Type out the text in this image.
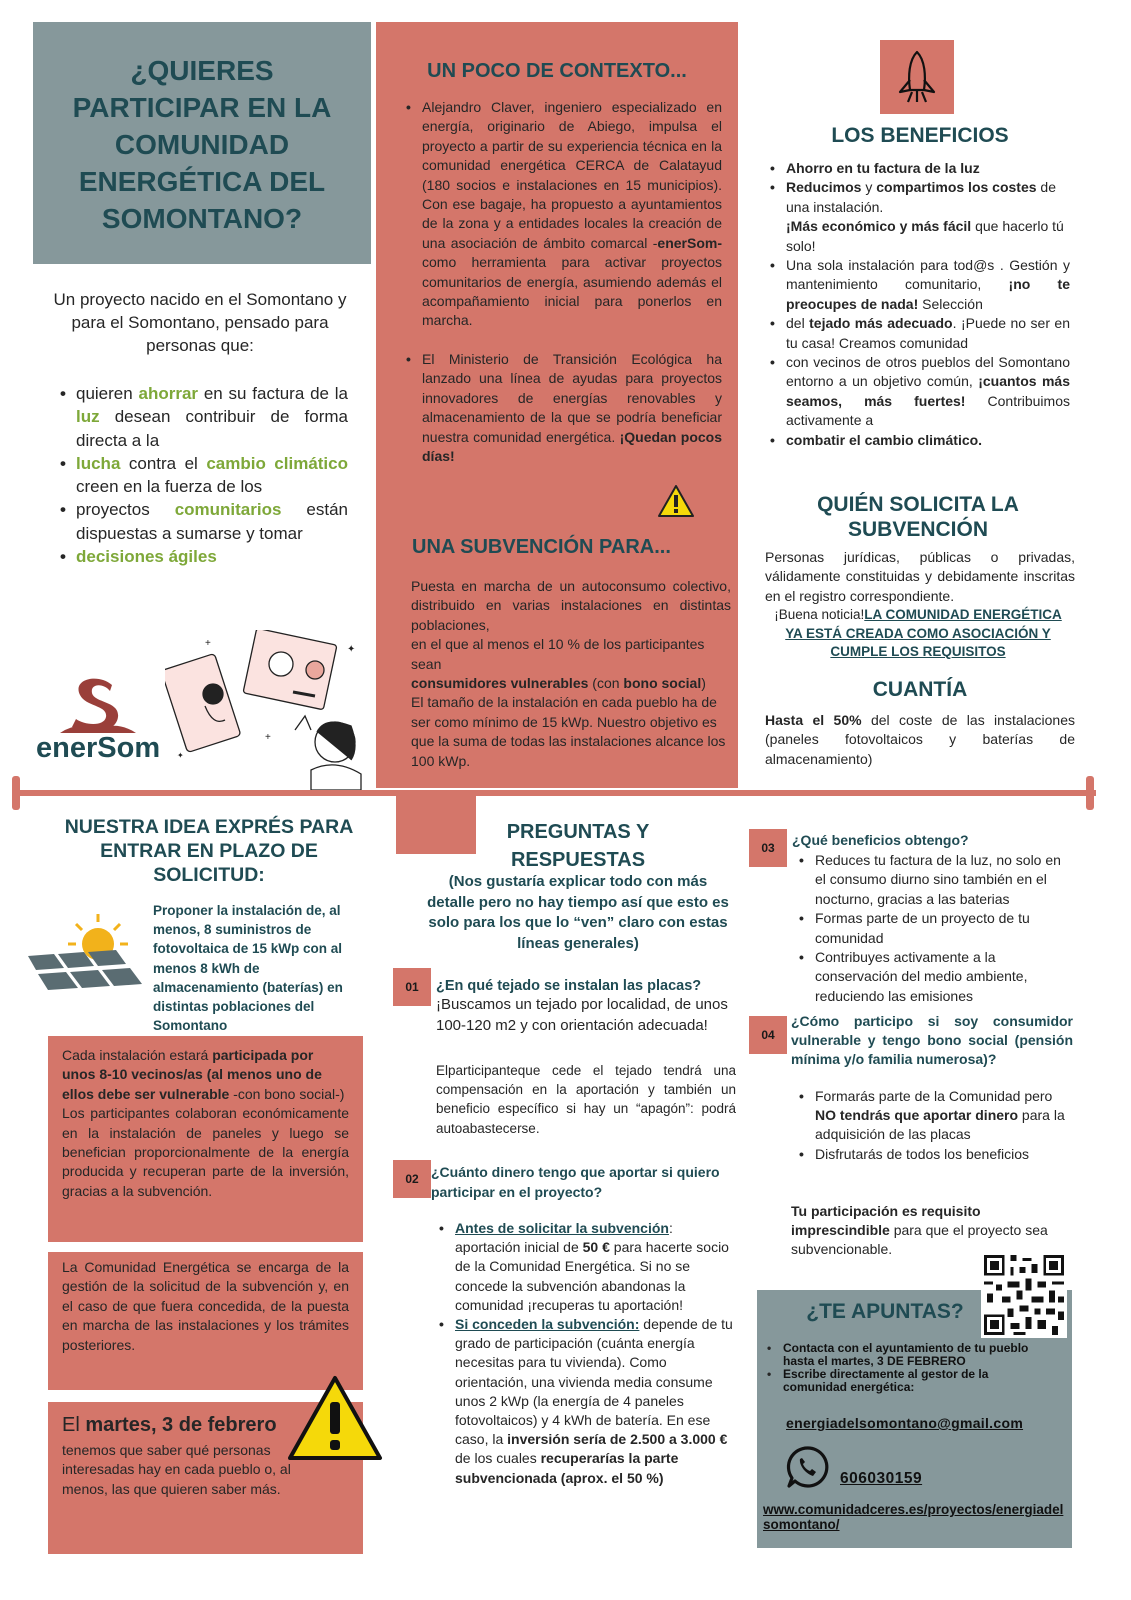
¿QUIERES PARTICIPAR EN LA COMUNIDAD ENERGÉTICA DEL SOMONTANO?

Un proyecto nacido en el Somontano y para el Somontano, pensado para personas que:

• quieren ahorrar en su factura de la luz desean contribuir de forma directa a la
• lucha contra el cambio climático creen en la fuerza de los
• proyectos comunitarios están dispuestas a sumarse y tomar
• decisiones ágiles
enerSom
+
✦
+
✦
UN POCO DE CONTEXTO...
• Alejandro Claver, ingeniero especializado en energía, originario de Abiego, impulsa el proyecto a partir de su experiencia técnica en la comunidad energética CERCA de Calatayud (180 socios e instalaciones en 15 municipios). Con ese bagaje, ha propuesto a ayuntamientos de la zona y a entidades locales la creación de una asociación de ámbito comarcal -enerSom- como herramienta para activar proyectos comunitarios de energía, asumiendo además el acompañamiento inicial para ponerlos en marcha.
• El Ministerio de Transición Ecológica ha lanzado una línea de ayudas para proyectos innovadores de energías renovables y almacenamiento de la que se podría beneficiar nuestra comunidad energética. ¡Quedan pocos días!
UNA SUBVENCIÓN PARA...

Puesta en marcha de un autoconsumo colectivo, distribuido en varias instalaciones en distintas poblaciones,

en el que al menos el 10 % de los participantes sean

consumidores vulnerables (con bono social)

El tamaño de la instalación en cada pueblo ha de ser como mínimo de 15 kWp. Nuestro objetivo es que la suma de todas las instalaciones alcance los 100 kWp.

LOS BENEFICIOS
• Ahorro en tu factura de la luz
• Reducimos y compartimos los costes de una instalación.
¡Más económico y más fácil que hacerlo tú solo!
• Una sola instalación para tod@s . Gestión y mantenimiento comunitario, ¡no te preocupes de nada! Selección
• del tejado más adecuado. ¡Puede no ser en tu casa! Creamos comunidad
• con vecinos de otros pueblos del Somontano entorno a un objetivo común, ¡cuantos más seamos, más fuertes! Contribuimos activamente a
• combatir el cambio climático.
QUIÉN SOLICITA LA SUBVENCIÓN

Personas jurídicas, públicas o privadas, válidamente constituidas y debidamente inscritas en el registro correspondiente.

¡Buena noticia!LA COMUNIDAD ENERGÉTICA YA ESTÁ CREADA COMO ASOCIACIÓN Y CUMPLE LOS REQUISITOS

CUANTÍA

Hasta el 50% del coste de las instalaciones (paneles fotovoltaicos y baterías de almacenamiento)

NUESTRA IDEA EXPRÉS PARA ENTRAR EN PLAZO DE SOLICITUD:

Proponer la instalación de, al menos, 8 suministros de fotovoltaica de 15 kWp con al menos 8 kWh de almacenamiento (baterías) en distintas poblaciones del Somontano

Cada instalación estará participada por unos 8-10 vecinos/as (al menos uno de ellos debe ser vulnerable -con bono social-)

Los participantes colaboran económicamente en la instalación de paneles y luego se benefician proporcionalmente de la energía producida y recuperan parte de la inversión, gracias a la subvención.

La Comunidad Energética se encarga de la gestión de la solicitud de la subvención y, en el caso de que fuera concedida, de la puesta en marcha de las instalaciones y los trámites posteriores.

El martes, 3 de febrero

tenemos que saber qué personas interesadas hay en cada pueblo o, al menos, las que quieren saber más.

PREGUNTAS Y RESPUESTAS

(Nos gustaría explicar todo con más detalle pero no hay tiempo así que esto es solo para los que lo “ven” claro con estas líneas generales)

01	¿En qué tejado se instalan las placas?

¡Buscamos un tejado por localidad, de unos 100-120 m2 y con orientación adecuada!

Elparticipanteque cede el tejado tendrá una compensación en la aportación y también un beneficio específico si hay un “apagón”: podrá autoabastecerse.

02 ¿Cuánto dinero tengo que aportar si quiero participar en el proyecto?

• Antes de solicitar la subvención: aportación inicial de 50 € para hacerte socio de la Comunidad Energética. Si no se concede la subvención abandonas la comunidad ¡recuperas tu aportación!
• Si conceden la subvención: depende de tu grado de participación (cuánta energía necesitas para tu vivienda). Como orientación, una vivienda media consume unos 2 kWp (la energía de 4 paneles fotovoltaicos) y 4 kWh de batería. En ese caso, la inversión sería de 2.500 a 3.000 € de los cuales recuperarías la parte subvencionada (aprox. el 50 %)
03	¿Qué beneficios obtengo?

• Reduces tu factura de la luz, no solo en el consumo diurno sino también en el nocturno, gracias a las baterias
• Formas parte de un proyecto de tu comunidad
• Contribuyes activamente a la conservación del medio ambiente, reduciendo las emisiones
04

¿Cómo participo si soy consumidor vulnerable y tengo bono social (pensión mínima y/o familia numerosa)?

• Formarás parte de la Comunidad pero NO tendrás que aportar dinero para la adquisición de las placas
• Disfrutarás de todos los beneficios

Tu participación es requisito imprescindible para que el proyecto sea subvencionable.

¿TE APUNTAS?
• Contacta con el ayuntamiento de tu pueblo hasta el martes, 3 DE FEBRERO
• Escribe directamente al gestor de la comunidad energética:
energiadelsomontano@gmail.com
606030159
www.comunidadceres.es/proyectos/energiadelsomontano/
